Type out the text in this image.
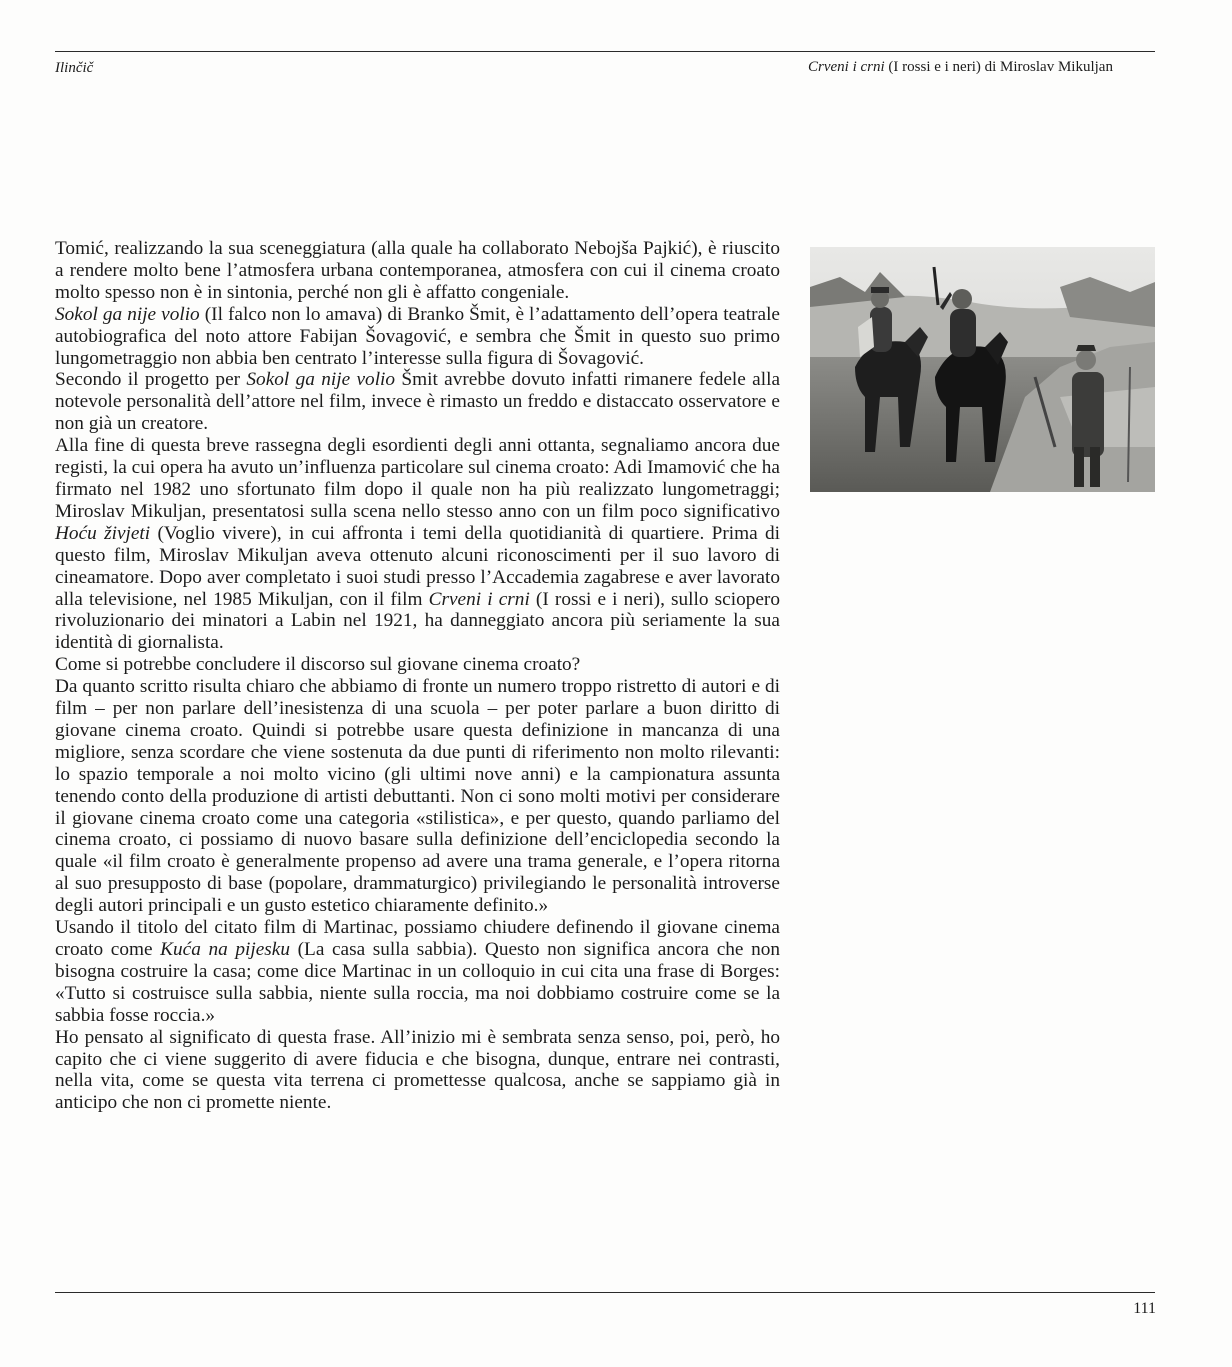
Ilinčič	Crveni i crni (I rossi e i neri) di Miroslav Mikuljan

Tomić, realizzando la sua sceneggiatura (alla quale ha collaborato Nebojša Pajkić), è riuscito a rendere molto bene l’atmosfera urbana contemporanea, atmosfera con cui il cinema croato molto spesso non è in sintonia, perché non gli è affatto congeniale.

Sokol ga nije volio (Il falco non lo amava) di Branko Šmit, è l’adattamento dell’opera teatrale autobiografica del noto attore Fabijan Šovagović, e sembra che Šmit in questo suo primo lungometraggio non abbia ben centrato l’interesse sulla figura di Šovagović.

Secondo il progetto per Sokol ga nije volio Šmit avrebbe dovuto infatti rimanere fedele alla notevole personalità dell’attore nel film, invece è rimasto un freddo e distaccato osservatore e non già un creatore.

Alla fine di questa breve rassegna degli esordienti degli anni ottanta, segnaliamo ancora due registi, la cui opera ha avuto un’influenza particolare sul cinema croato: Adi Imamović che ha firmato nel 1982 uno sfortunato film dopo il quale non ha più realizzato lungometraggi; Miroslav Mikuljan, presentatosi sulla scena nello stesso anno con un film poco significativo Hoću živjeti (Voglio vivere), in cui affronta i temi della quotidianità di quartiere. Prima di questo film, Miroslav Mikuljan aveva ottenuto alcuni riconoscimenti per il suo lavoro di cineamatore. Dopo aver completato i suoi studi presso l’Accademia zagabrese e aver lavorato alla televisione, nel 1985 Mikuljan, con il film Crveni i crni (I rossi e i neri), sullo sciopero rivoluzionario dei minatori a Labin nel 1921, ha danneggiato ancora più seriamente la sua identità di giornalista.

Come si potrebbe concludere il discorso sul giovane cinema croato?

Da quanto scritto risulta chiaro che abbiamo di fronte un numero troppo ristretto di autori e di film – per non parlare dell’inesistenza di una scuola – per poter parlare a buon diritto di giovane cinema croato. Quindi si potrebbe usare questa definizione in mancanza di una migliore, senza scordare che viene sostenuta da due punti di riferimento non molto rilevanti: lo spazio temporale a noi molto vicino (gli ultimi nove anni) e la campionatura assunta tenendo conto della produzione di artisti debuttanti. Non ci sono molti motivi per considerare il giovane cinema croato come una categoria «stilistica», e per questo, quando parliamo del cinema croato, ci possiamo di nuovo basare sulla definizione dell’enciclopedia secondo la quale «il film croato è generalmente propenso ad avere una trama generale, e l’opera ritorna al suo presupposto di base (popolare, drammaturgico) privilegiando le personalità introverse degli autori principali e un gusto estetico chiaramente definito.»

Usando il titolo del citato film di Martinac, possiamo chiudere definendo il giovane cinema croato come Kuća na pijesku (La casa sulla sabbia). Questo non significa ancora che non bisogna costruire la casa; come dice Martinac in un colloquio in cui cita una frase di Borges: «Tutto si costruisce sulla sabbia, niente sulla roccia, ma noi dobbiamo costruire come se la sabbia fosse roccia.»

Ho pensato al significato di questa frase. All’inizio mi è sembrata senza senso, poi, però, ho capito che ci viene suggerito di avere fiducia e che bisogna, dunque, entrare nei contrasti, nella vita, come se questa vita terrena ci promettesse qualcosa, anche se sappiamo già in anticipo che non ci promette niente.

111
